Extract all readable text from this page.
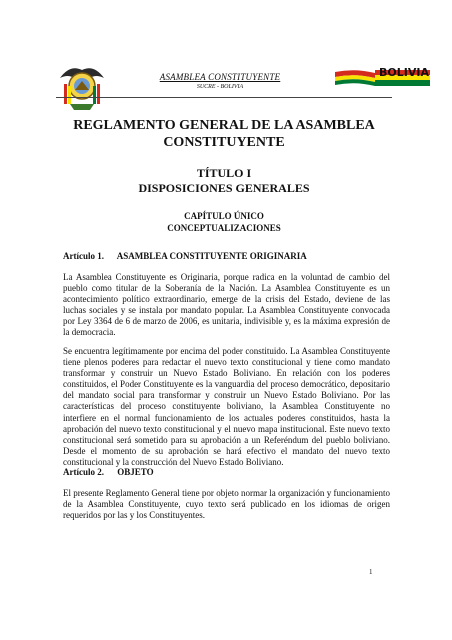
ASAMBLEA CONSTITUYENTE
SUCRE - BOLIVIA
BOLIVIA
REGLAMENTO GENERAL DE LA ASAMBLEA CONSTITUYENTE
TÍTULO I
DISPOSICIONES GENERALES
CAPÍTULO ÚNICO
CONCEPTUALIZACIONES
Artículo 1. ASAMBLEA CONSTITUYENTE ORIGINARIA

La Asamblea Constituyente es Originaria, porque radica en la voluntad de cambio del pueblo como titular de la Soberanía de la Nación. La Asamblea Constituyente es un acontecimiento político extraordinario, emerge de la crisis del Estado, deviene de las luchas sociales y se instala por mandato popular. La Asamblea Constituyente convocada por Ley 3364 de 6 de marzo de 2006, es unitaria, indivisible y, es la máxima expresión de la democracia.

Se encuentra legítimamente por encima del poder constituido. La Asamblea Constituyente tiene plenos poderes para redactar el nuevo texto constitucional y tiene como mandato transformar y construir un Nuevo Estado Boliviano. En relación con los poderes constituidos, el Poder Constituyente es la vanguardia del proceso democrático, depositario del mandato social para transformar y construir un Nuevo Estado Boliviano. Por las características del proceso constituyente boliviano, la Asamblea Constituyente no interfiere en el normal funcionamiento de los actuales poderes constituidos, hasta la aprobación del nuevo texto constitucional y el nuevo mapa institucional. Este nuevo texto constitucional será sometido para su aprobación a un Referéndum del pueblo boliviano. Desde el momento de su aprobación se hará efectivo el mandato del nuevo texto constitucional y la construcción del Nuevo Estado Boliviano.

Artículo 2. OBJETO

El presente Reglamento General tiene por objeto normar la organización y funcionamiento de la Asamblea Constituyente, cuyo texto será publicado en los idiomas de origen requeridos por las y los Constituyentes.

1
